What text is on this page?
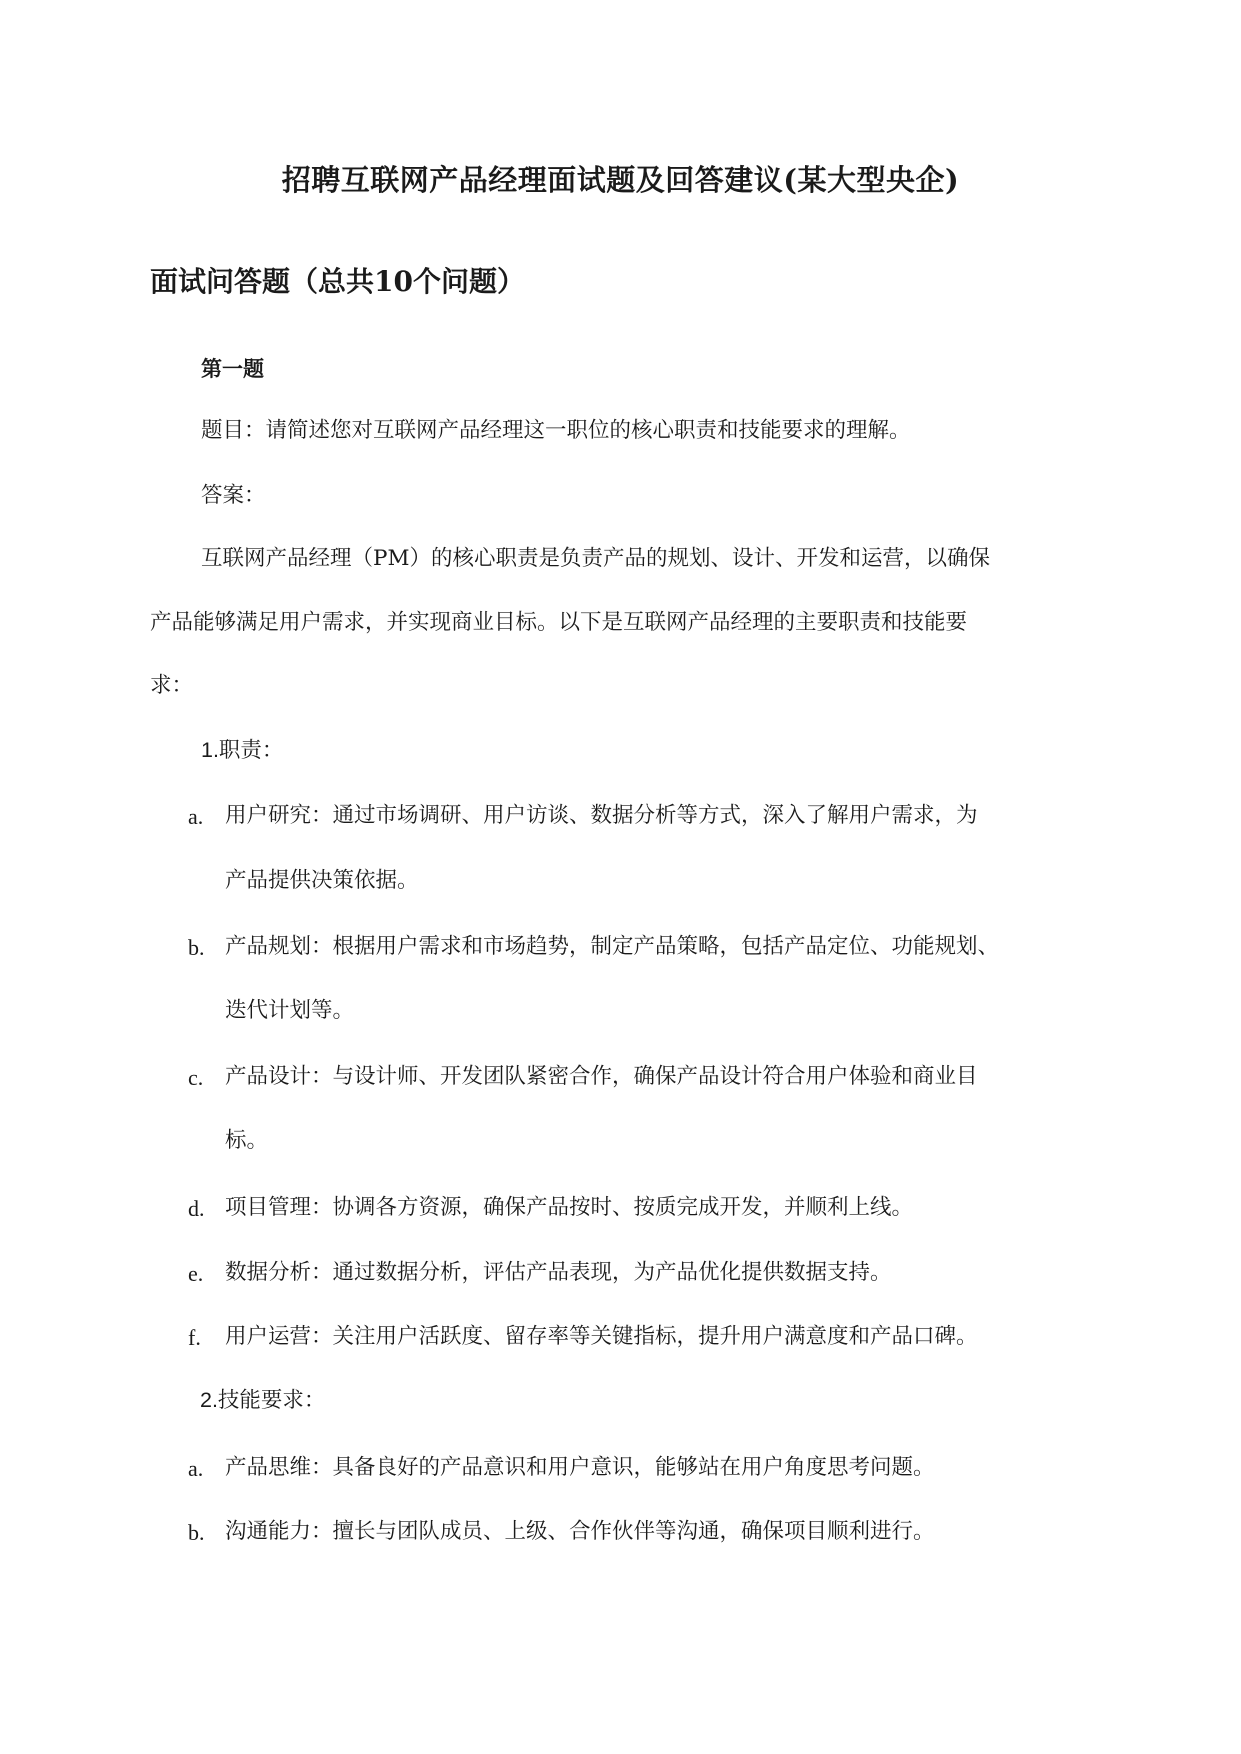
招聘互联网产品经理面试题及回答建议(某大型央企)
面试问答题（总共10个问题）
第一题
题目：请简述您对互联网产品经理这一职位的核心职责和技能要求的理解。
答案：
互联网产品经理（PM）的核心职责是负责产品的规划、设计、开发和运营，以确保
产品能够满足用户需求，并实现商业目标。以下是互联网产品经理的主要职责和技能要
求：
1.职责：
a. 用户研究：通过市场调研、用户访谈、数据分析等方式，深入了解用户需求，为
产品提供决策依据。
b. 产品规划：根据用户需求和市场趋势，制定产品策略，包括产品定位、功能规划、
迭代计划等。
c. 产品设计：与设计师、开发团队紧密合作，确保产品设计符合用户体验和商业目
标。
d. 项目管理：协调各方资源，确保产品按时、按质完成开发，并顺利上线。
e. 数据分析：通过数据分析，评估产品表现，为产品优化提供数据支持。
f. 用户运营：关注用户活跃度、留存率等关键指标，提升用户满意度和产品口碑。
2.技能要求：
a. 产品思维：具备良好的产品意识和用户意识，能够站在用户角度思考问题。
b. 沟通能力：擅长与团队成员、上级、合作伙伴等沟通，确保项目顺利进行。
